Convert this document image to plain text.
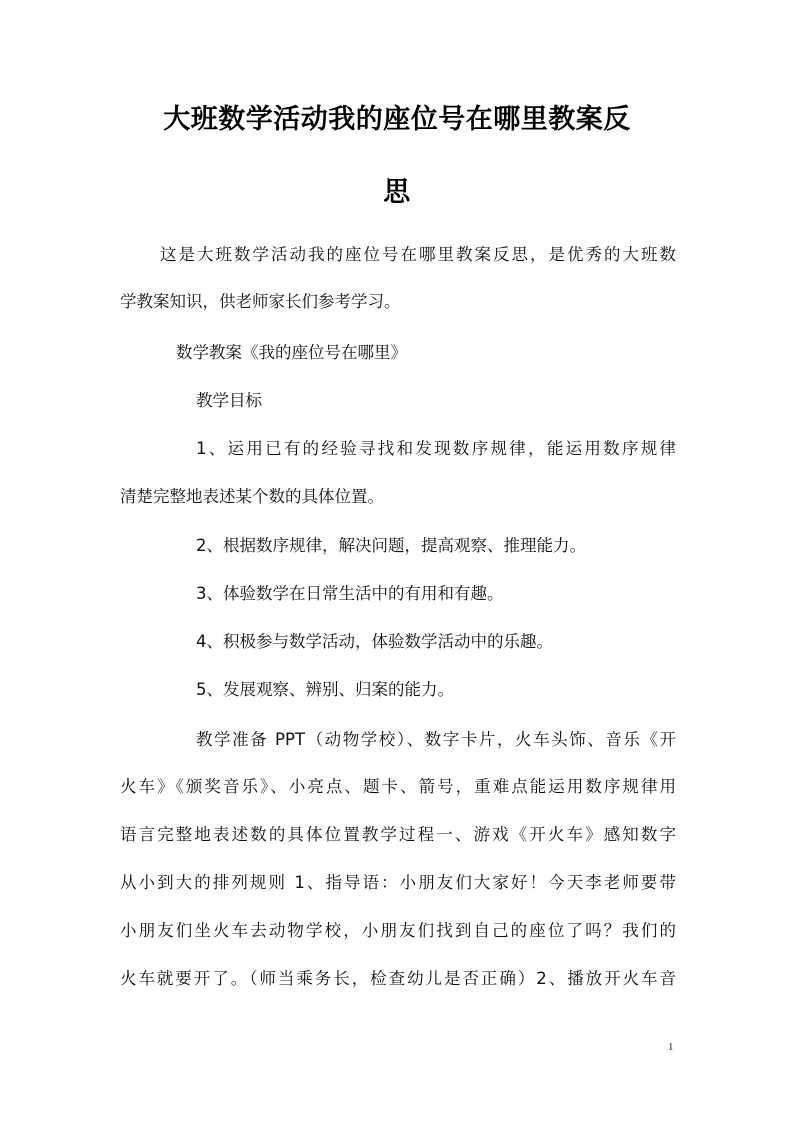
大班数学活动我的座位号在哪里教案反
思
这是大班数学活动我的座位号在哪里教案反思，是优秀的大班数
学教案知识，供老师家长们参考学习。
数学教案《我的座位号在哪里》
教学目标
1、运用已有的经验寻找和发现数序规律，能运用数序规律
清楚完整地表述某个数的具体位置。
2、根据数序规律，解决问题，提高观察、推理能力。
3、体验数学在日常生活中的有用和有趣。
4、积极参与数学活动，体验数学活动中的乐趣。
5、发展观察、辨别、归案的能力。
教学准备 PPT（动物学校）、数字卡片，火车头饰、音乐《开
火车》《颁奖音乐》、小亮点、题卡、箭号，重难点能运用数序规律用
语言完整地表述数的具体位置教学过程一、游戏《开火车》感知数字
从小到大的排列规则 1、指导语：小朋友们大家好！今天李老师要带
小朋友们坐火车去动物学校，小朋友们找到自己的座位了吗？我们的
火车就要开了。（师当乘务长，检查幼儿是否正确）2、播放开火车音
1
